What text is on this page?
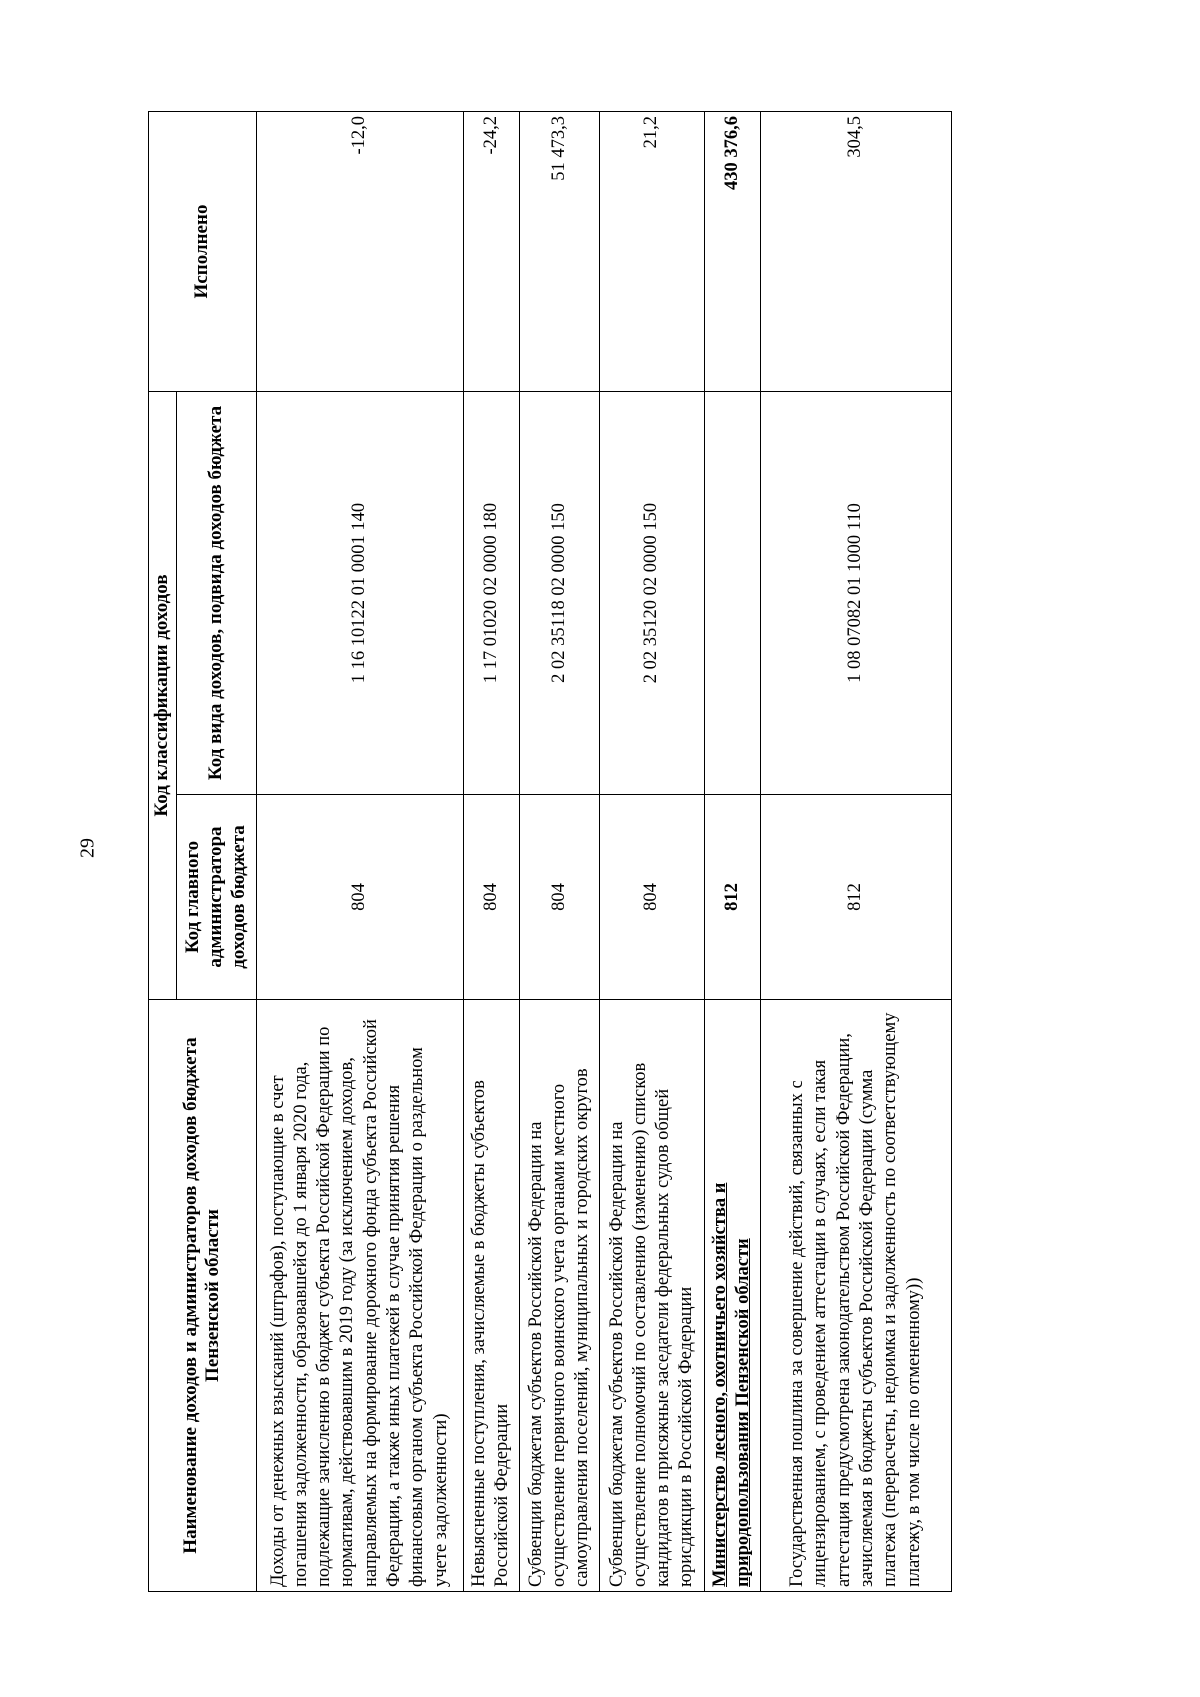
29
Наименование доходов и администраторов доходов бюджета Пензенской области	Код классификации доходов		Исполнено
	Код главного администратора доходов бюджета	Код вида доходов, подвида доходов бюджета	
Доходы от денежных взысканий (штрафов), поступающие в счет погашения задолженности, образовавшейся до 1 января 2020 года, подлежащие зачислению в бюджет субъекта Российской Федерации по нормативам, действовавшим в 2019 году (за исключением доходов, направляемых на формирование дорожного фонда субъекта Российской Федерации, а также иных платежей в случае принятия решения финансовым органом субъекта Российской Федерации о раздельном учете задолженности)	804	1 16 10122 01 0001 140	-12,0
Невыясненные поступления, зачисляемые в бюджеты субъектов Российской Федерации	804	1 17 01020 02 0000 180	-24,2
Субвенции бюджетам субъектов Российской Федерации на осуществление первичного воинского учета органами местного самоуправления поселений, муниципальных и городских округов	804	2 02 35118 02 0000 150	51 473,3
Субвенции бюджетам субъектов Российской Федерации на осуществление полномочий по составлению (изменению) списков кандидатов в присяжные заседатели федеральных судов общей юрисдикции в Российской Федерации	804	2 02 35120 02 0000 150	21,2
Министерство лесного, охотничьего хозяйства и природопользования Пензенской области	812		430 376,6
Государственная пошлина за совершение действий, связанных с лицензированием, с проведением аттестации в случаях, если такая аттестация предусмотрена законодательством Российской Федерации, зачисляемая в бюджеты субъектов Российской Федерации (сумма платежа (перерасчеты, недоимка и задолженность по соответствующему платежу, в том числе по отмененному))	812	1 08 07082 01 1000 110	304,5
